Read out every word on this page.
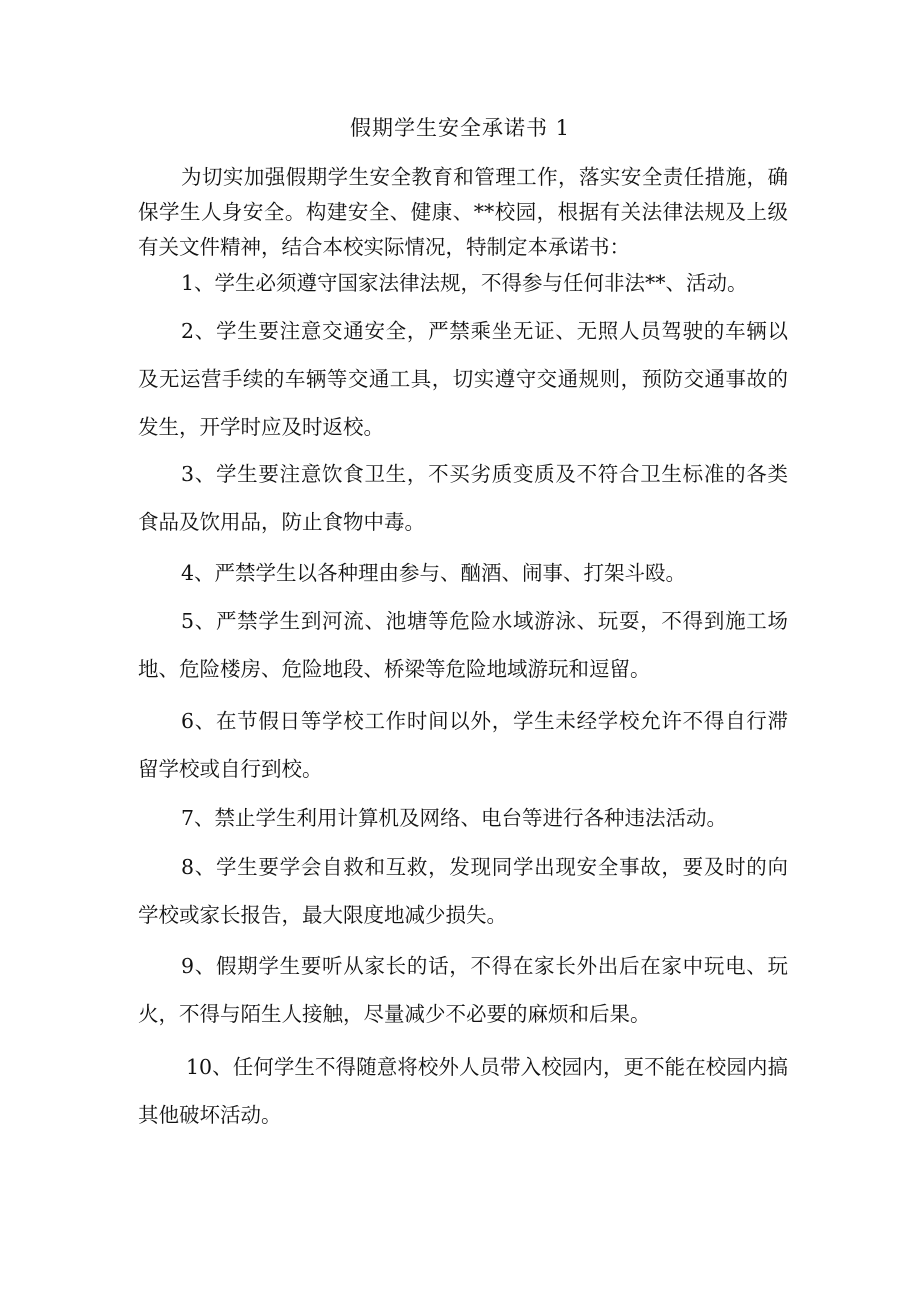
假期学生安全承诺书 1

为切实加强假期学生安全教育和管理工作，落实安全责任措施，确保学生人身安全。构建安全、健康、**校园，根据有关法律法规及上级有关文件精神，结合本校实际情况，特制定本承诺书：

1、学生必须遵守国家法律法规，不得参与任何非法**、活动。

2、学生要注意交通安全，严禁乘坐无证、无照人员驾驶的车辆以及无运营手续的车辆等交通工具，切实遵守交通规则，预防交通事故的发生，开学时应及时返校。

3、学生要注意饮食卫生，不买劣质变质及不符合卫生标准的各类食品及饮用品，防止食物中毒。

4、严禁学生以各种理由参与、酗酒、闹事、打架斗殴。

5、严禁学生到河流、池塘等危险水域游泳、玩耍，不得到施工场地、危险楼房、危险地段、桥梁等危险地域游玩和逗留。

6、在节假日等学校工作时间以外，学生未经学校允许不得自行滞留学校或自行到校。

7、禁止学生利用计算机及网络、电台等进行各种违法活动。

8、学生要学会自救和互救，发现同学出现安全事故，要及时的向学校或家长报告，最大限度地减少损失。

9、假期学生要听从家长的话，不得在家长外出后在家中玩电、玩火，不得与陌生人接触，尽量减少不必要的麻烦和后果。

10、任何学生不得随意将校外人员带入校园内，更不能在校园内搞其他破坏活动。
